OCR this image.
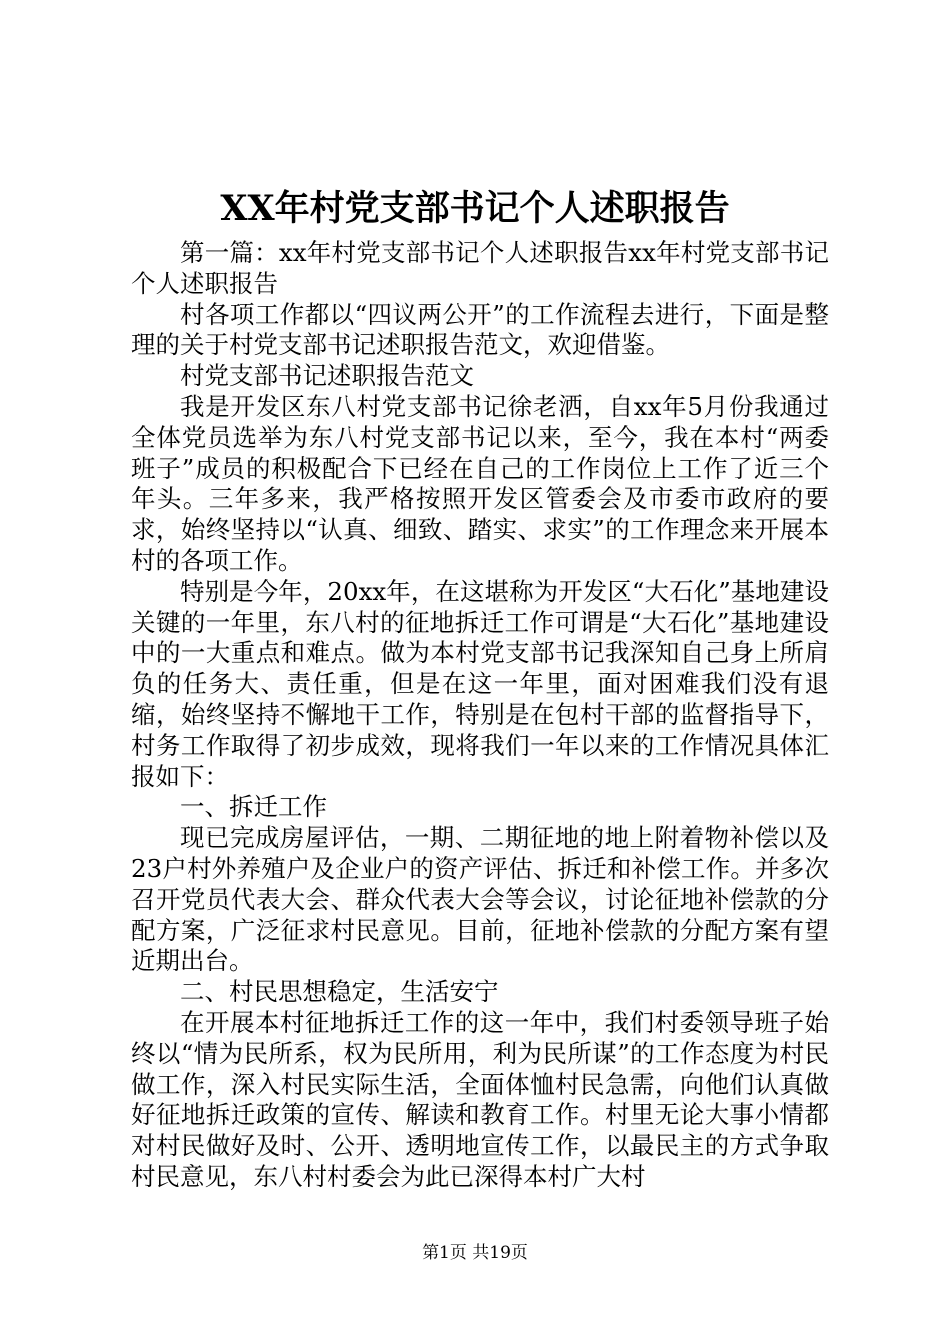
XX年村党支部书记个人述职报告

第一篇：xx年村党支部书记个人述职报告xx年村党支部书记个人述职报告

村各项工作都以“四议两公开”的工作流程去进行，下面是整理的关于村党支部书记述职报告范文，欢迎借鉴。

村党支部书记述职报告范文

我是开发区东八村党支部书记徐老洒，自xx年5月份我通过全体党员选举为东八村党支部书记以来，至今，我在本村“两委班子”成员的积极配合下已经在自己的工作岗位上工作了近三个年头。三年多来，我严格按照开发区管委会及市委市政府的要求，始终坚持以“认真、细致、踏实、求实”的工作理念来开展本村的各项工作。

特别是今年，20xx年，在这堪称为开发区“大石化”基地建设关键的一年里，东八村的征地拆迁工作可谓是“大石化”基地建设中的一大重点和难点。做为本村党支部书记我深知自己身上所肩负的任务大、责任重，但是在这一年里，面对困难我们没有退缩，始终坚持不懈地干工作，特别是在包村干部的监督指导下，村务工作取得了初步成效，现将我们一年以来的工作情况具体汇报如下：

一、拆迁工作

现已完成房屋评估，一期、二期征地的地上附着物补偿以及23户村外养殖户及企业户的资产评估、拆迁和补偿工作。并多次召开党员代表大会、群众代表大会等会议，讨论征地补偿款的分配方案，广泛征求村民意见。目前，征地补偿款的分配方案有望近期出台。

二、村民思想稳定，生活安宁

在开展本村征地拆迁工作的这一年中，我们村委领导班子始终以“情为民所系，权为民所用，利为民所谋”的工作态度为村民做工作，深入村民实际生活，全面体恤村民急需，向他们认真做好征地拆迁政策的宣传、解读和教育工作。村里无论大事小情都对村民做好及时、公开、透明地宣传工作，以最民主的方式争取村民意见，东八村村委会为此已深得本村广大村

第1页 共19页
